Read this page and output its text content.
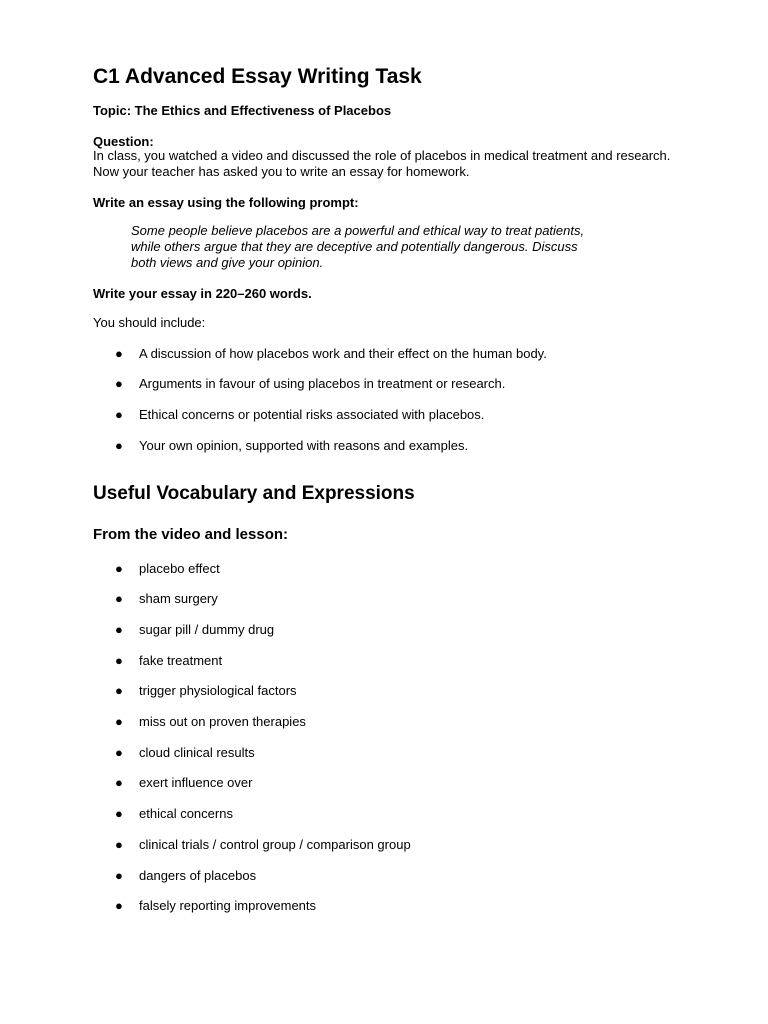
C1 Advanced Essay Writing Task
Topic: The Ethics and Effectiveness of Placebos
Question:
In class, you watched a video and discussed the role of placebos in medical treatment and research. Now your teacher has asked you to write an essay for homework.
Write an essay using the following prompt:
Some people believe placebos are a powerful and ethical way to treat patients,
while others argue that they are deceptive and potentially dangerous. Discuss
both views and give your opinion.
Write your essay in 220–260 words.
You should include:
● A discussion of how placebos work and their effect on the human body.
● Arguments in favour of using placebos in treatment or research.
● Ethical concerns or potential risks associated with placebos.
● Your own opinion, supported with reasons and examples.
Useful Vocabulary and Expressions
From the video and lesson:
● placebo effect
● sham surgery
● sugar pill / dummy drug
● fake treatment
● trigger physiological factors
● miss out on proven therapies
● cloud clinical results
● exert influence over
● ethical concerns
● clinical trials / control group / comparison group
● dangers of placebos
● falsely reporting improvements
